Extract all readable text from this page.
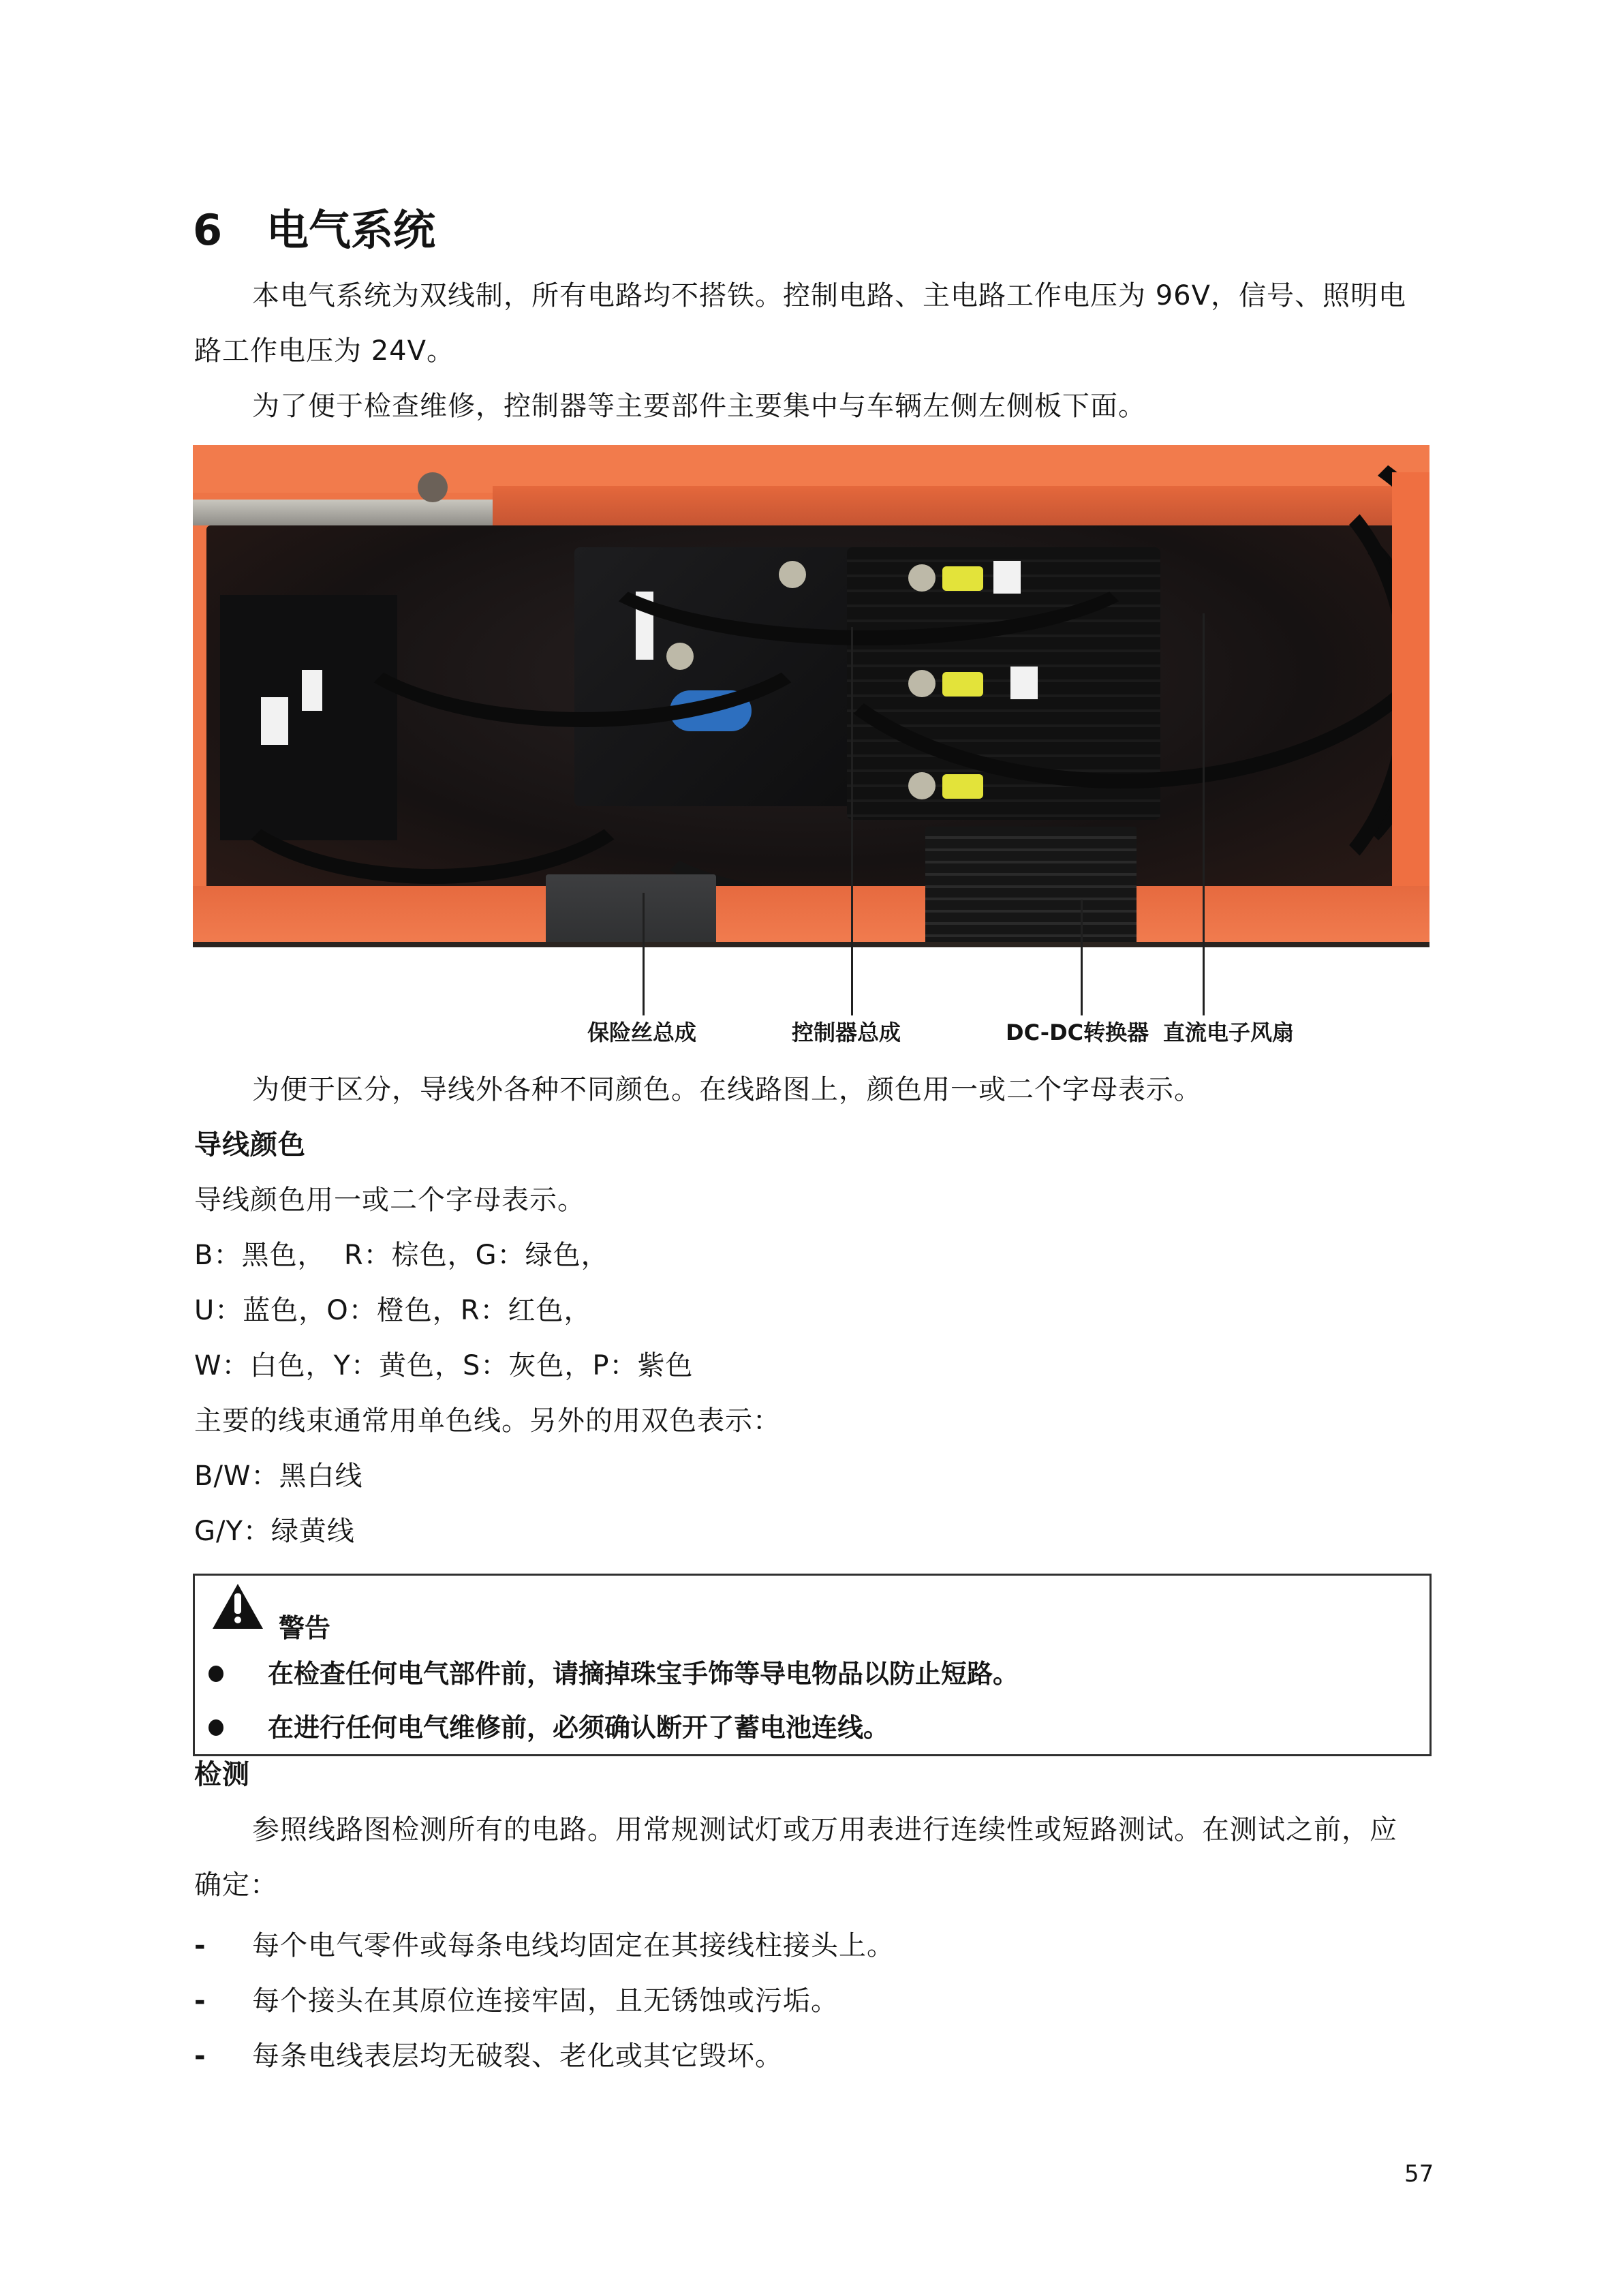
6 电气系统
本电气系统为双线制，所有电路均不搭铁。控制电路、主电路工作电压为 96V，信号、照明电
路工作电压为 24V。
为了便于检查维修，控制器等主要部件主要集中与车辆左侧左侧板下面。
保险丝总成	控制器总成	DC-DC转换器 直流电子风扇
为便于区分，导线外各种不同颜色。在线路图上，颜色用一或二个字母表示。
导线颜色
导线颜色用一或二个字母表示。
B：黑色，  R：棕色，G：绿色，
U：蓝色，O：橙色，R：红色，
W：白色，Y：黄色，S：灰色，P：紫色
主要的线束通常用单色线。另外的用双色表示：
B/W：黑白线
G/Y：绿黄线
警告
在检查任何电气部件前，请摘掉珠宝手饰等导电物品以防止短路。
在进行任何电气维修前，必须确认断开了蓄电池连线。
检测
参照线路图检测所有的电路。用常规测试灯或万用表进行连续性或短路测试。在测试之前，应
确定：
- 每个电气零件或每条电线均固定在其接线柱接头上。
- 每个接头在其原位连接牢固，且无锈蚀或污垢。
- 每条电线表层均无破裂、老化或其它毁坏。
57
